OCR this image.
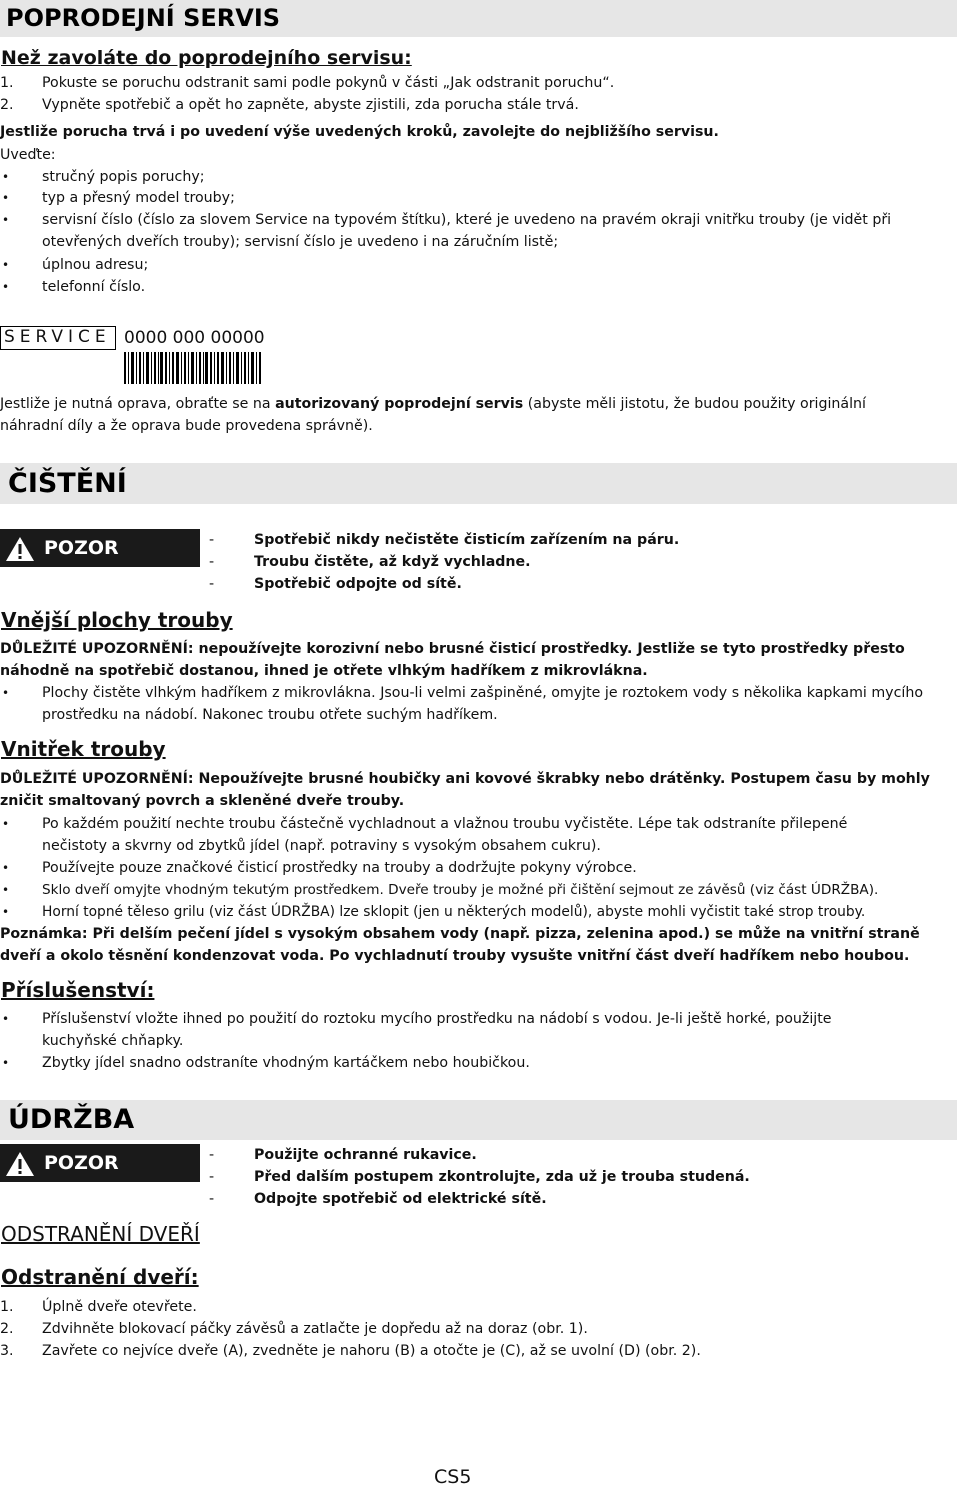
POPRODEJNÍ SERVIS
Než zavoláte do poprodejního servisu:
1. Pokuste se poruchu odstranit sami podle pokynů v části „Jak odstranit poruchu“.
2. Vypněte spotřebič a opět ho zapněte, abyste zjistili, zda porucha stále trvá.
Jestliže porucha trvá i po uvedení výše uvedených kroků, zavolejte do nejbližšího servisu.
Uveďte:
• stručný popis poruchy;
• typ a přesný model trouby;
• servisní číslo (číslo za slovem Service na typovém štítku), které je uvedeno na pravém okraji vnitřku trouby (je vidět při otevřených dveřích trouby); servisní číslo je uvedeno i na záručním listě;
• úplnou adresu;
• telefonní číslo.
SERVICE 0000 000 00000
Jestliže je nutná oprava, obraťte se na autorizovaný poprodejní servis (abyste měli jistotu, že budou použity originální náhradní díly a že oprava bude provedena správně).
ČIŠTĚNÍ
POZOR	-	Spotřebič nikdy nečistěte čisticím zařízením na páru.
-	Troubu čistěte, až když vychladne.
-	Spotřebič odpojte od sítě.
Vnější plochy trouby
DŮLEŽITÉ UPOZORNĚNÍ: nepoužívejte korozivní nebo brusné čisticí prostředky. Jestliže se tyto prostředky přesto náhodně na spotřebič dostanou, ihned je otřete vlhkým hadříkem z mikrovlákna.
• Plochy čistěte vlhkým hadříkem z mikrovlákna. Jsou-li velmi zašpiněné, omyjte je roztokem vody s několika kapkami mycího prostředku na nádobí. Nakonec troubu otřete suchým hadříkem.
Vnitřek trouby
DŮLEŽITÉ UPOZORNĚNÍ: Nepoužívejte brusné houbičky ani kovové škrabky nebo drátěnky. Postupem času by mohly zničit smaltovaný povrch a skleněné dveře trouby.
• Po každém použití nechte troubu částečně vychladnout a vlažnou troubu vyčistěte. Lépe tak odstraníte přilepené nečistoty a skvrny od zbytků jídel (např. potraviny s vysokým obsahem cukru).
• Používejte pouze značkové čisticí prostředky na trouby a dodržujte pokyny výrobce.
• Sklo dveří omyjte vhodným tekutým prostředkem. Dveře trouby je možné při čištění sejmout ze závěsů (viz část ÚDRŽBA).
• Horní topné těleso grilu (viz část ÚDRŽBA) lze sklopit (jen u některých modelů), abyste mohli vyčistit také strop trouby.
Poznámka: Při delším pečení jídel s vysokým obsahem vody (např. pizza, zelenina apod.) se může na vnitřní straně dveří a okolo těsnění kondenzovat voda. Po vychladnutí trouby vysušte vnitřní část dveří hadříkem nebo houbou.
Příslušenství:
• Příslušenství vložte ihned po použití do roztoku mycího prostředku na nádobí s vodou. Je-li ještě horké, použijte kuchyňské chňapky.
• Zbytky jídel snadno odstraníte vhodným kartáčkem nebo houbičkou.
ÚDRŽBA
POZOR	-	Použijte ochranné rukavice.
-	Před dalším postupem zkontrolujte, zda už je trouba studená.
-	Odpojte spotřebič od elektrické sítě.
ODSTRANĚNÍ DVEŘÍ
Odstranění dveří:
1. Úplně dveře otevřete.
2. Zdvihněte blokovací páčky závěsů a zatlačte je dopředu až na doraz (obr. 1).
3. Zavřete co nejvíce dveře (A), zvedněte je nahoru (B) a otočte je (C), až se uvolní (D) (obr. 2).
CS5
